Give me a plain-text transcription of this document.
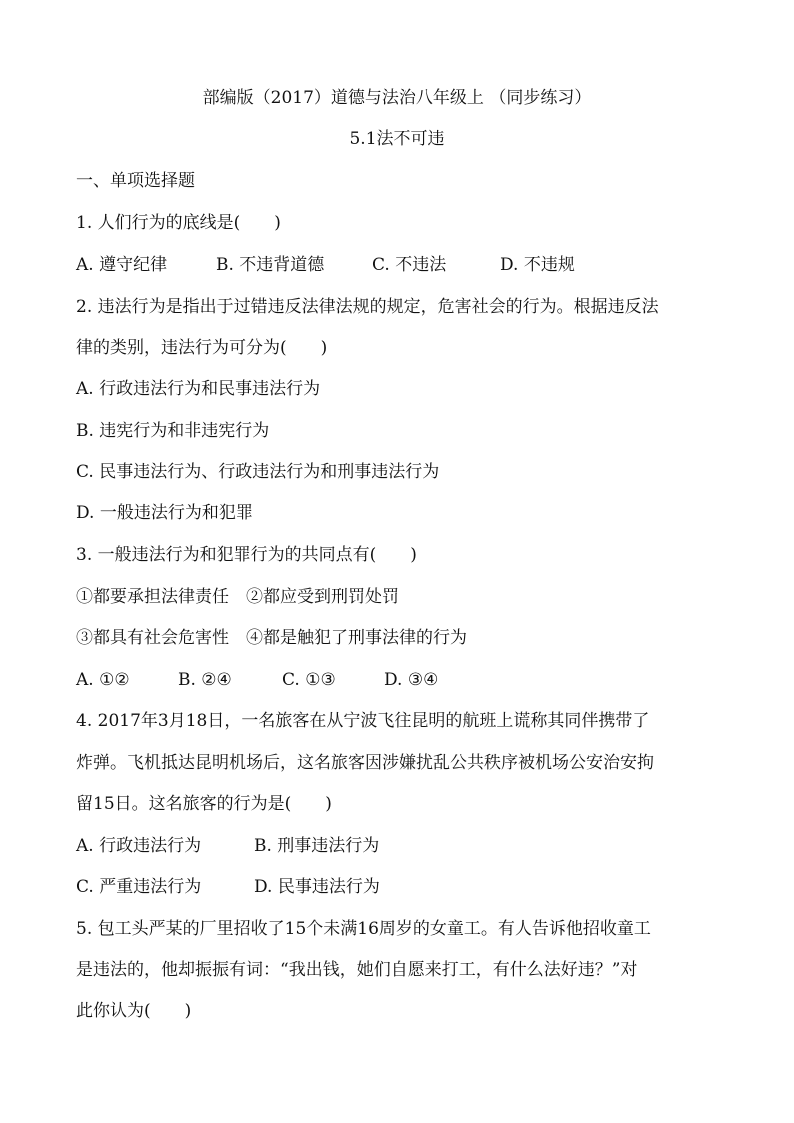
部编版（2017）道德与法治八年级上 （同步练习）
5.1法不可违
一、单项选择题
1. 人们行为的底线是(　　)
A. 遵守纪律	B. 不违背道德	C. 不违法	D. 不违规
2. 违法行为是指出于过错违反法律法规的规定，危害社会的行为。根据违反法
律的类别，违法行为可分为(　　)
A. 行政违法行为和民事违法行为
B. 违宪行为和非违宪行为
C. 民事违法行为、行政违法行为和刑事违法行为
D. 一般违法行为和犯罪
3. 一般违法行为和犯罪行为的共同点有(　　)
①都要承担法律责任　②都应受到刑罚处罚
③都具有社会危害性　④都是触犯了刑事法律的行为
A. ①②	B. ②④	C. ①③	D. ③④
4. 2017年3月18日，一名旅客在从宁波飞往昆明的航班上谎称其同伴携带了
炸弹。飞机抵达昆明机场后，这名旅客因涉嫌扰乱公共秩序被机场公安治安拘
留15日。这名旅客的行为是(　　)
A. 行政违法行为	B. 刑事违法行为
C. 严重违法行为	D. 民事违法行为
5. 包工头严某的厂里招收了15个未满16周岁的女童工。有人告诉他招收童工
是违法的，他却振振有词：“我出钱，她们自愿来打工，有什么法好违？”对
此你认为(　　)
